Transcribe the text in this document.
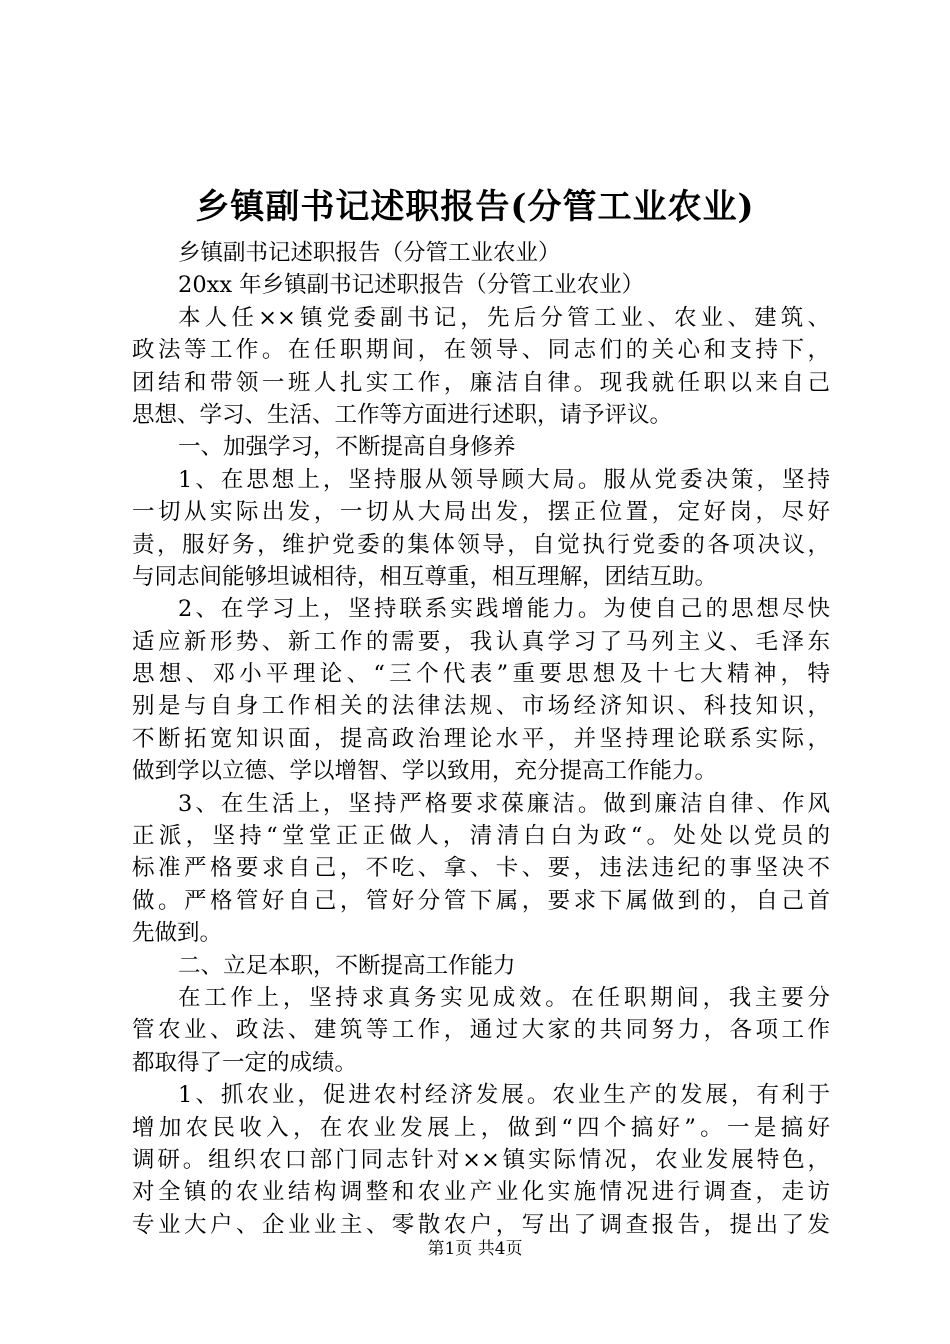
乡镇副书记述职报告(分管工业农业)
乡镇副书记述职报告（分管工业农业）
20xx 年乡镇副书记述职报告（分管工业农业）
本人任××镇党委副书记，先后分管工业、农业、建筑、
政法等工作。在任职期间，在领导、同志们的关心和支持下，
团结和带领一班人扎实工作，廉洁自律。现我就任职以来自己
思想、学习、生活、工作等方面进行述职，请予评议。
一、加强学习，不断提高自身修养
1、在思想上，坚持服从领导顾大局。服从党委决策，坚持
一切从实际出发，一切从大局出发，摆正位置，定好岗，尽好
责，服好务，维护党委的集体领导，自觉执行党委的各项决议，
与同志间能够坦诚相待，相互尊重，相互理解，团结互助。
2、在学习上，坚持联系实践增能力。为使自己的思想尽快
适应新形势、新工作的需要，我认真学习了马列主义、毛泽东
思想、邓小平理论、“三个代表”重要思想及十七大精神，特
别是与自身工作相关的法律法规、市场经济知识、科技知识，
不断拓宽知识面，提高政治理论水平，并坚持理论联系实际，
做到学以立德、学以增智、学以致用，充分提高工作能力。
3、在生活上，坚持严格要求葆廉洁。做到廉洁自律、作风
正派，坚持“堂堂正正做人，清清白白为政“。处处以党员的
标准严格要求自己，不吃、拿、卡、要，违法违纪的事坚决不
做。严格管好自己，管好分管下属，要求下属做到的，自己首
先做到。
二、立足本职，不断提高工作能力
在工作上，坚持求真务实见成效。在任职期间，我主要分
管农业、政法、建筑等工作，通过大家的共同努力，各项工作
都取得了一定的成绩。
1、抓农业，促进农村经济发展。农业生产的发展，有利于
增加农民收入，在农业发展上，做到“四个搞好”。一是搞好
调研。组织农口部门同志针对××镇实际情况，农业发展特色，
对全镇的农业结构调整和农业产业化实施情况进行调查，走访
专业大户、企业业主、零散农户，写出了调查报告，提出了发
第1页 共4页
